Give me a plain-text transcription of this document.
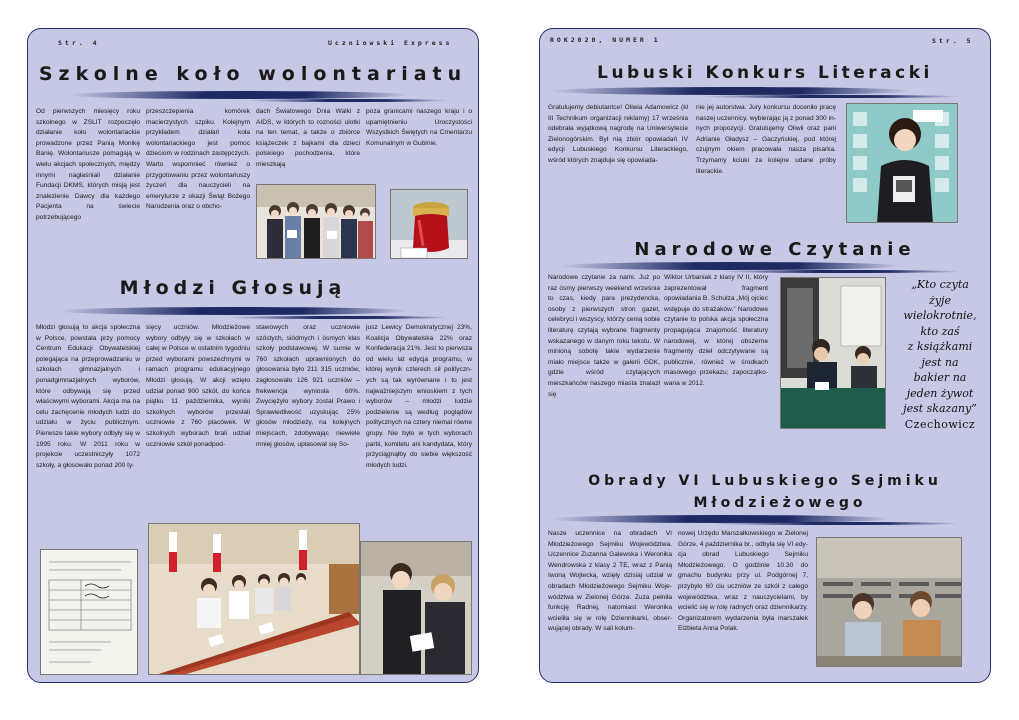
Str. 4	Uczniowski Express
Szkolne koło wolontariatu
Od pierwszych miesięcy roku szkolnego w ZSLIT rozpoczęło działanie koło wolontariackie prowadzone przez Panią Monikę Banię. Wolontariusze pomagają w wielu akcjach społecznych, między innymi nagłaśniali działanie Fundacji DKMS, których misją jest znalezienie Dawcy dla każdego Pacjenta na świecie potrzebującego
przeszczepienia komórek macierzystych szpiku. Kolejnym przykładem działań koła wolontariackiego jest pomoc dzieciom w rodzinach zastępczych. Warto wspomnieć również o przygotowaniu przez wolontariuszy życzeń dla nauczycieli na emeryturze z okazji Świąt Bożego Narodzenia oraz o obcho-
dach Światowego Dnia Walki z AIDS, w których to rozności ulotki na ten temat, a także o zbiórce książeczek z bajkami dla dzieci polskiego pochodzenia, które mieszkają
poza granicami naszego kraju i o upamiętnieniu Uroczystości Wszystkich Świętych na Cmentarzu Komunalnym w Gubinie.
Młodzi Głosują
Młodzi głosują to akcja społeczna w Polsce, powstała przy pomocy Centrum Edukacji Obywatelskiej polegająca na przeprowadzaniu w szkołach gimnazjalnych i ponadgimnazjalnych wyborów, które odbywają się przed właściwymi wyborami. Akcja ma na celu zachęcenie młodych ludzi do udziału w życiu publicznym. Pierwsze takie wybory odbyły się w 1995 roku. W 2011 roku w projekcie uczestniczyły 1072 szkoły, a głosowało ponad 200 ty-
sięcy uczniów. Młodzieżowe wybory odbyły się w szkołach w całej w Polsce w ostatnim tygodniu przed wyborami powszechnymi w ramach programu edukacyjnego Młodzi głosują. W akcji wzięło udział ponad 900 szkół, do końca piątku 11 października, wyniki szkolnych wyborów przesłali uczniowie z 760 placówek. W szkolnych wyborach brali udział uczniowie szkół ponadpod-
stawowych oraz uczniowie szóstych, siódmych i ósmych klas szkoły podstawowej. W sumie w 760 szkołach uprawnionych do głosowania było 211 315 uczniów, zagłosowało 126 921 uczniów – frekwencja wyniosła 60%. Zwyciężyło wybory został Prawo i Sprawiedliwość uzyskując 25% głosów młodzieży, na kolejnych miejscach, zdobywając niewiele mniej głosów, uplasował się So-
jusz Lewicy Demokratycznej 23%, Koalicja Obywatelska 22% oraz Konfederacja 21%. Jest to pierwsza od wielu lat edycja programu, w której wynik czterech sił politycznych są tak wyrównane i to jest najważniejszym wnioskiem z tych wyborów – młodzi ludzie podzielenie są według poglądów politycznych na cztery niemal równe grupy. Nie było w tych wyborach partii, komitetu ani kandydata, który przyciągnąłby do siebie większość młodych ludzi.
ROK2020, NUMER 1	Str. 5
Lubuski Konkurs Literacki
Gratulujemy debiutantce! Oliwia Adamowicz (kl III Technikum organizacji reklamy) 17 września odebrała wyjątkową nagrodę na Uniwersytecie Zielonogórskim. Był nią zbiór opowiadań IV edycji Lubuskiego Konkursu Literackiego, wśród których znajduje się opowiada-
nie jej autorstwa. Jury konkursu doceniło pracę naszej uczennicy, wybierając ją z ponad 300 innych propozycji. Gratulujemy Oliwii oraz pani Adrianie Gładysz – Gaczyńskiej, pod której czujnym okiem pracowała nasza pisarka. Trzymamy kciuki za kolejne udane próby literackie.
Narodowe Czytanie
Narodowe czytanie za nami. Już po raz ósmy pierwszy weekend września to czas, kiedy para prezydencka, osoby z pierwszych stron gazet, celebryci i wszyscy, którzy cenią sobie literaturę czytają wybrane fragmenty wskazanego w danym roku tekstu. W minioną sobotę takie wydarzenie miało miejsce także w galerii GDK, gdzie wśród czytających mieszkańców naszego miasta znalazł się
Wiktor Urbaniak z klasy IV II, który zaprezentował fragment opowiadania B. Schulza „Mój ojciec wstępuje do strażaków.” Narodowe czytanie to polska akcja społeczna propagująca znajomość literatury narodowej, w której obszerne fragmenty dzieł odczytywane są publicznie, również w środkach masowego przekazu; zapoczątkowana w 2012.
„Kto czyta
żyje
wielokrotnie,
kto zaś
z książkami
jest na
bakier na
jeden żywot
jest skazany”
Czechowicz
Obrady VI Lubuskiego Sejmiku
Młodzieżowego
Nasze uczennice na obradach VI Młodzieżowego Sejmiku Województwa. Uczennice Zuzanna Galewska i Weronika Wendrowska z klasy 2 TE, wraz z Panią Iwoną Wojtecką, wzięły dzisiaj udział w obradach Młodzieżowego Sejmiku Województwa w Zielonej Górze. Zuza pełniła funkcję Radnej, natomiast Weronika wcieliła się w rolę Dziennikarki, obserwującej obrady. W sali kolum-
nowej Urzędu Marszałkowskiego w Zielonej Górze, 4 października br., odbyła się VI edycja obrad Lubuskiego Sejmiku Młodzieżowego. O godzinie 10.30 do gmachu budynku przy ul. Podgórnej 7, przybyło 60 ciu uczniów ze szkół z całego województwa, wraz z nauczycielami, by wcielić się w rolę radnych oraz dziennikarzy. Organizatorem wydarzenia była marszałek Elżbieta Anna Polak.
